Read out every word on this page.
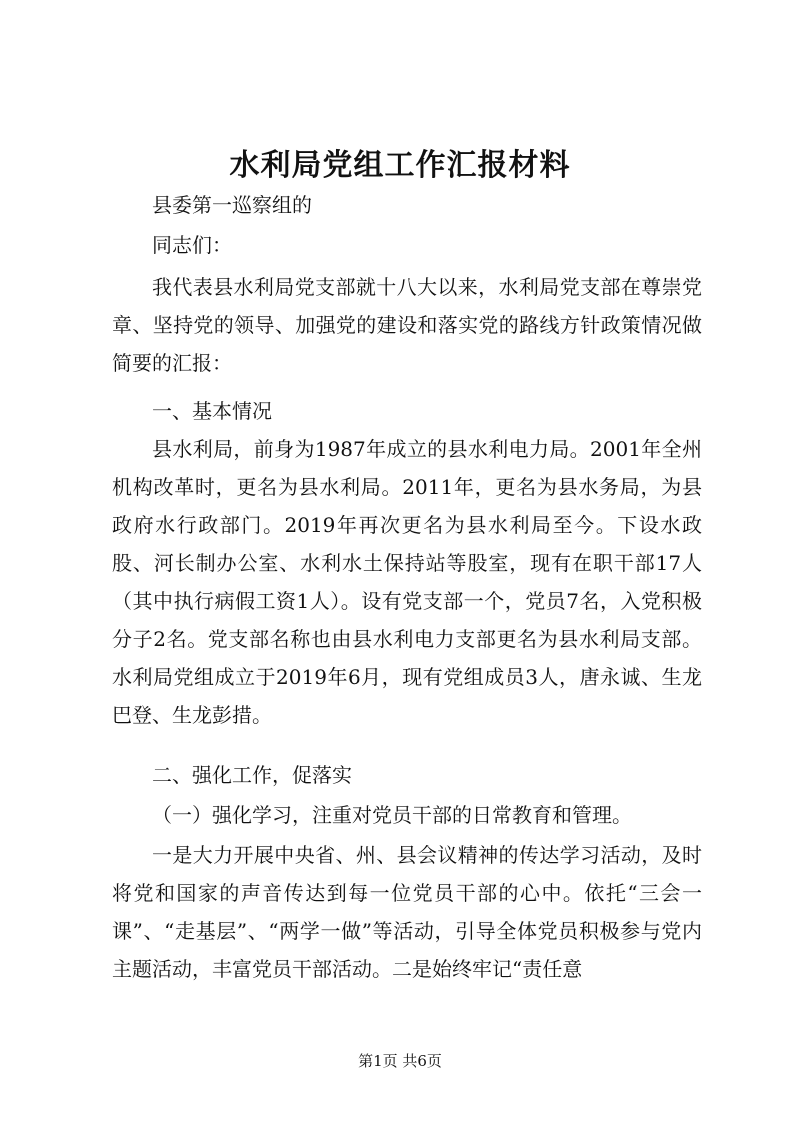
水利局党组工作汇报材料

县委第一巡察组的

同志们：

我代表县水利局党支部就十八大以来，水利局党支部在尊崇党章、坚持党的领导、加强党的建设和落实党的路线方针政策情况做简要的汇报：

一、基本情况

县水利局，前身为1987年成立的县水利电力局。2001年全州机构改革时，更名为县水利局。2011年，更名为县水务局，为县政府水行政部门。2019年再次更名为县水利局至今。下设水政股、河长制办公室、水利水土保持站等股室，现有在职干部17人（其中执行病假工资1人）。设有党支部一个，党员7名，入党积极分子2名。党支部名称也由县水利电力支部更名为县水利局支部。水利局党组成立于2019年6月，现有党组成员3人，唐永诚、生龙巴登、生龙彭措。

二、强化工作，促落实

（一）强化学习，注重对党员干部的日常教育和管理。

一是大力开展中央省、州、县会议精神的传达学习活动，及时将党和国家的声音传达到每一位党员干部的心中。依托“三会一课”、“走基层”、“两学一做”等活动，引导全体党员积极参与党内主题活动，丰富党员干部活动。二是始终牢记“责任意

第1页 共6页
